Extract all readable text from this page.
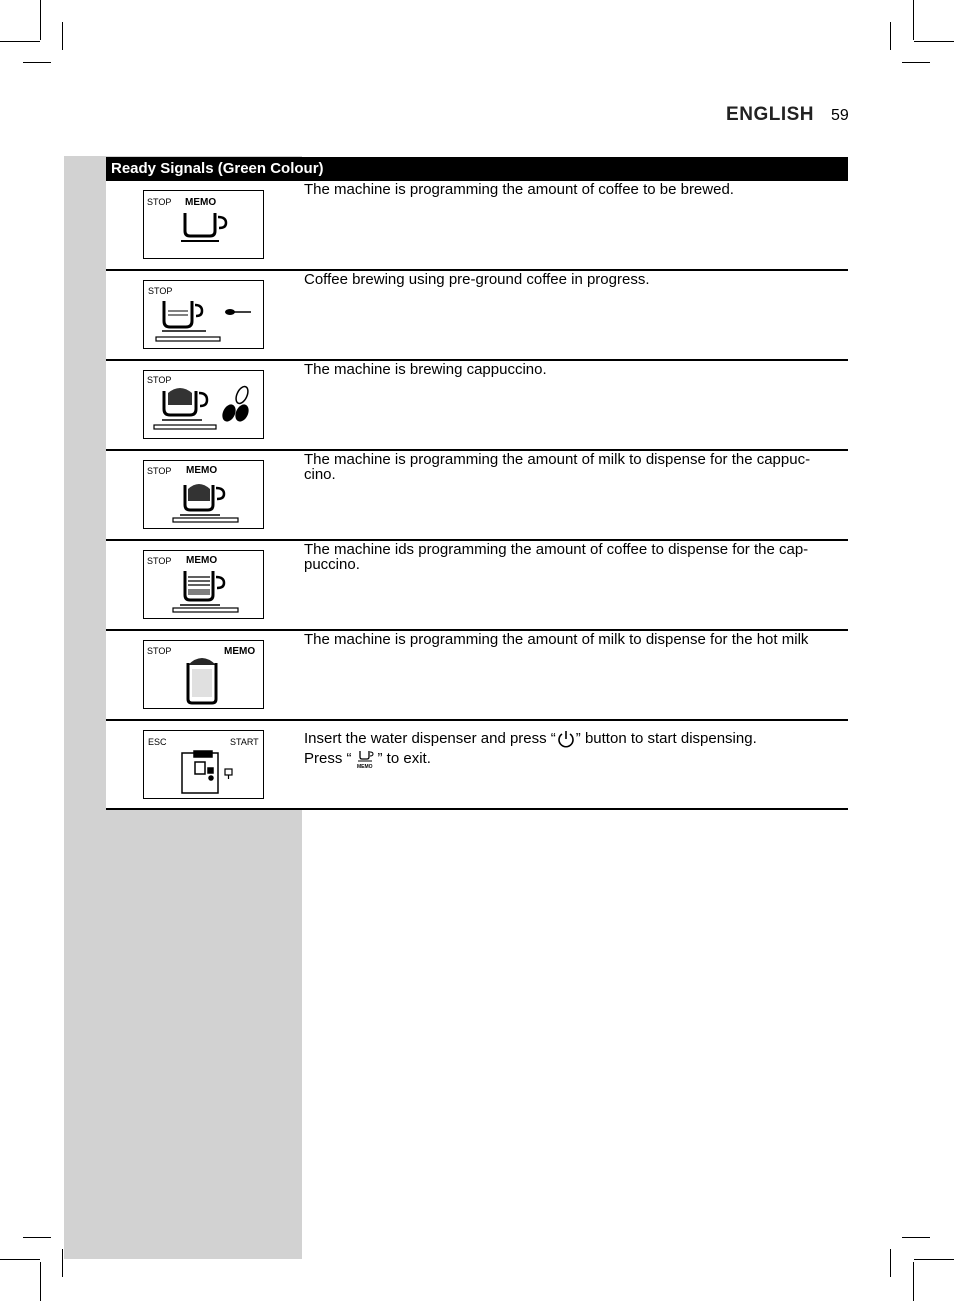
ENGLISH 59
Ready Signals (Green Colour)
STOP MEMO
The machine is programming the amount of coffee to be brewed.
STOP
Coffee brewing using pre-ground coffee in progress.
STOP
The machine is brewing cappuccino.
STOP MEMO
The machine is programming the amount of milk to dispense for the cappuc-
cino.
STOP MEMO
The machine ids programming the amount of coffee to dispense for the cap-
puccino.
STOP	MEMO
The machine is programming the amount of milk to dispense for the hot milk
ESC	START	Insert the water dispenser and press “ ” button to start dispensing.
Press “
MEMO
” to exit.
